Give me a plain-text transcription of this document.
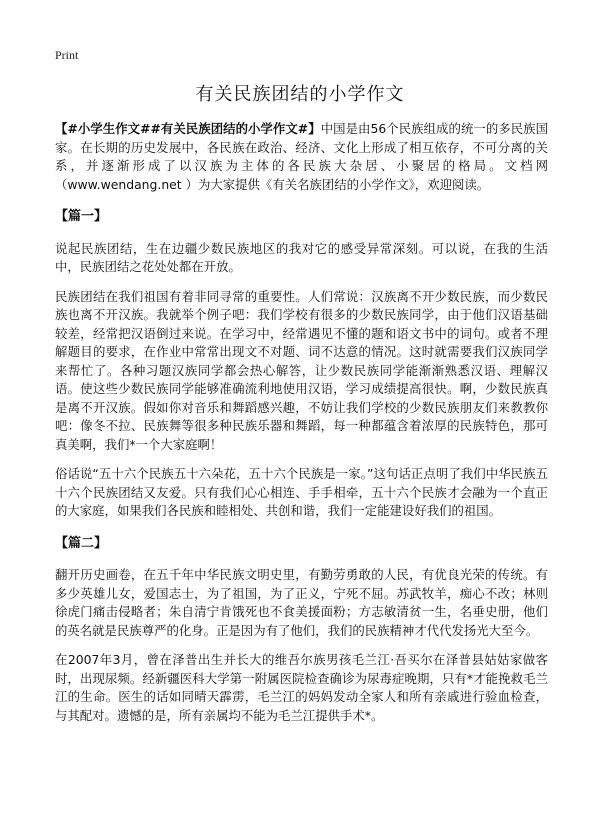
Print
有关民族团结的小学作文

【#小学生作文##有关民族团结的小学作文#】中国是由56个民族组成的统一的多民族国家。在长期的历史发展中，各民族在政治、经济、文化上形成了相互依存，不可分离的关系，并逐渐形成了以汉族为主体的各民族大杂居、小聚居的格局。文档网（www.wendang.net ）为大家提供《有关名族团结的小学作文》，欢迎阅读。

【篇一】

说起民族团结，生在边疆少数民族地区的我对它的感受异常深刻。可以说，在我的生活中，民族团结之花处处都在开放。

民族团结在我们祖国有着非同寻常的重要性。人们常说：汉族离不开少数民族，而少数民族也离不开汉族。我就举个例子吧：我们学校有很多的少数民族同学，由于他们汉语基础较差，经常把汉语倒过来说。在学习中，经常遇见不懂的题和语文书中的词句。或者不理解题目的要求，在作业中常常出现文不对题、词不达意的情况。这时就需要我们汉族同学来帮忙了。各种习题汉族同学都会热心解答，让少数民族同学能渐渐熟悉汉语、理解汉语。使这些少数民族同学能够准确流利地使用汉语，学习成绩提高很快。啊，少数民族真是离不开汉族。假如你对音乐和舞蹈感兴趣，不妨让我们学校的少数民族朋友们来教教你吧：像冬不拉、民族舞等很多种民族乐器和舞蹈，每一种都蕴含着浓厚的民族特色，那可真美啊，我们*一个大家庭啊！

俗话说“五十六个民族五十六朵花，五十六个民族是一家。”这句话正点明了我们中华民族五十六个民族团结又友爱。只有我们心心相连、手手相牵，五十六个民族才会融为一个直正的大家庭，如果我们各民族和睦相处、共创和谐，我们一定能建设好我们的祖国。

【篇二】

翻开历史画卷，在五千年中华民族文明史里，有勤劳勇敢的人民，有优良光荣的传统。有多少英雄儿女，爱国志士，为了祖国，为了正义，宁死不屈。苏武牧羊，痴心不改；林则徐虎门痛击侵略者；朱自清宁肯饿死也不食美援面粉；方志敏清贫一生，名垂史册，他们的英名就是民族尊严的化身。正是因为有了他们，我们的民族精神才代代发扬光大至今。

在2007年3月，曾在泽普出生并长大的维吾尔族男孩毛兰江·吾买尔在泽普县姑姑家做客时，出现尿频。经新疆医科大学第一附属医院检查确诊为尿毒症晚期，只有*才能挽救毛兰江的生命。医生的话如同晴天霹雳，毛兰江的妈妈发动全家人和所有亲戚进行验血检查，与其配对。遗憾的是，所有亲属均不能为毛兰江提供手术*。
